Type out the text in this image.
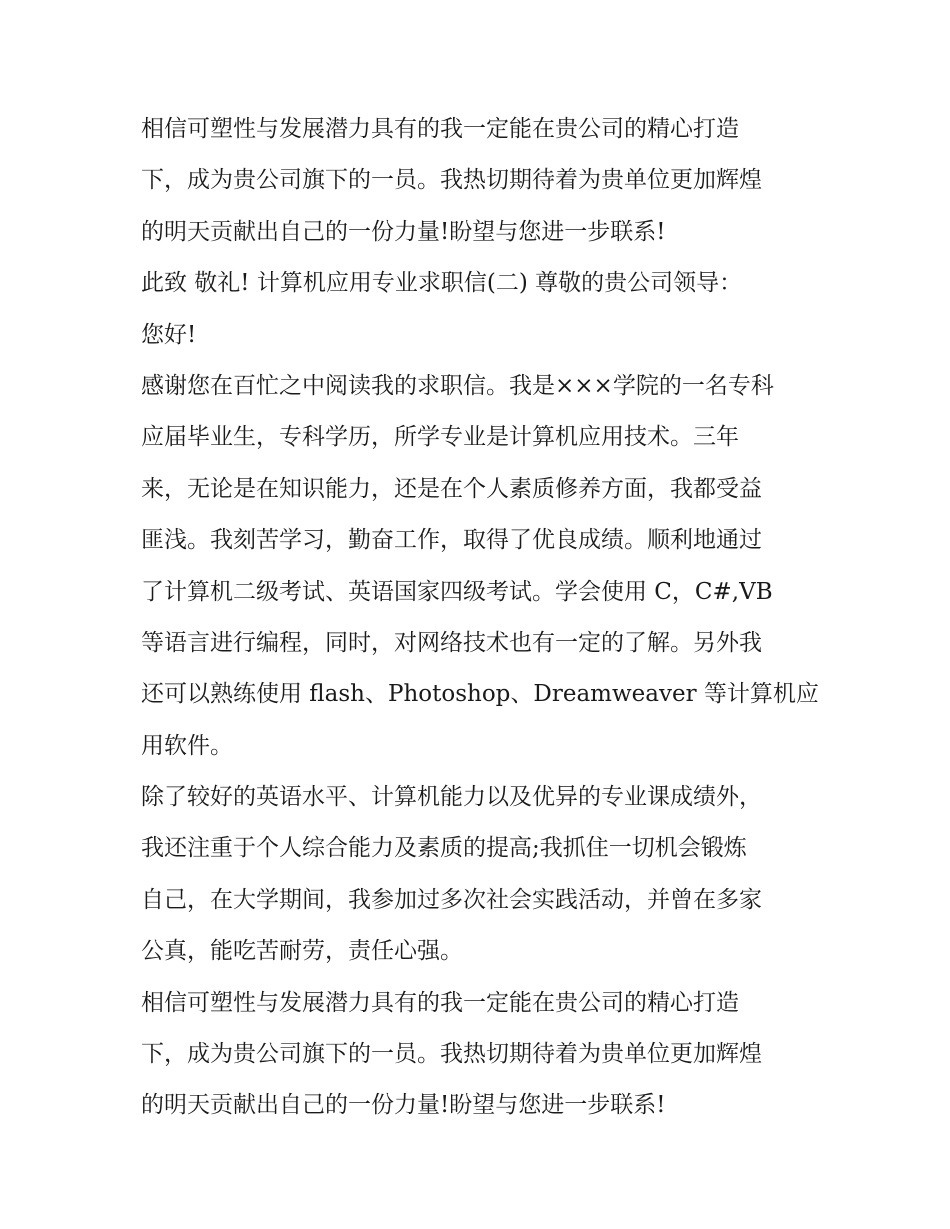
相信可塑性与发展潜力具有的我一定能在贵公司的精心打造
下，成为贵公司旗下的一员。我热切期待着为贵单位更加辉煌
的明天贡献出自己的一份力量!盼望与您进一步联系!
此致 敬礼! 计算机应用专业求职信(二) 尊敬的贵公司领导：
您好!
感谢您在百忙之中阅读我的求职信。我是×××学院的一名专科
应届毕业生，专科学历，所学专业是计算机应用技术。三年
来，无论是在知识能力，还是在个人素质修养方面，我都受益
匪浅。我刻苦学习，勤奋工作，取得了优良成绩。顺利地通过
了计算机二级考试、英语国家四级考试。学会使用 C，C#,VB
等语言进行编程，同时，对网络技术也有一定的了解。另外我
还可以熟练使用 flash、Photoshop、Dreamweaver 等计算机应
用软件。
除了较好的英语水平、计算机能力以及优异的专业课成绩外，
我还注重于个人综合能力及素质的提高;我抓住一切机会锻炼
自己，在大学期间，我参加过多次社会实践活动，并曾在多家
公真，能吃苦耐劳，责任心强。
相信可塑性与发展潜力具有的我一定能在贵公司的精心打造
下，成为贵公司旗下的一员。我热切期待着为贵单位更加辉煌
的明天贡献出自己的一份力量!盼望与您进一步联系!
